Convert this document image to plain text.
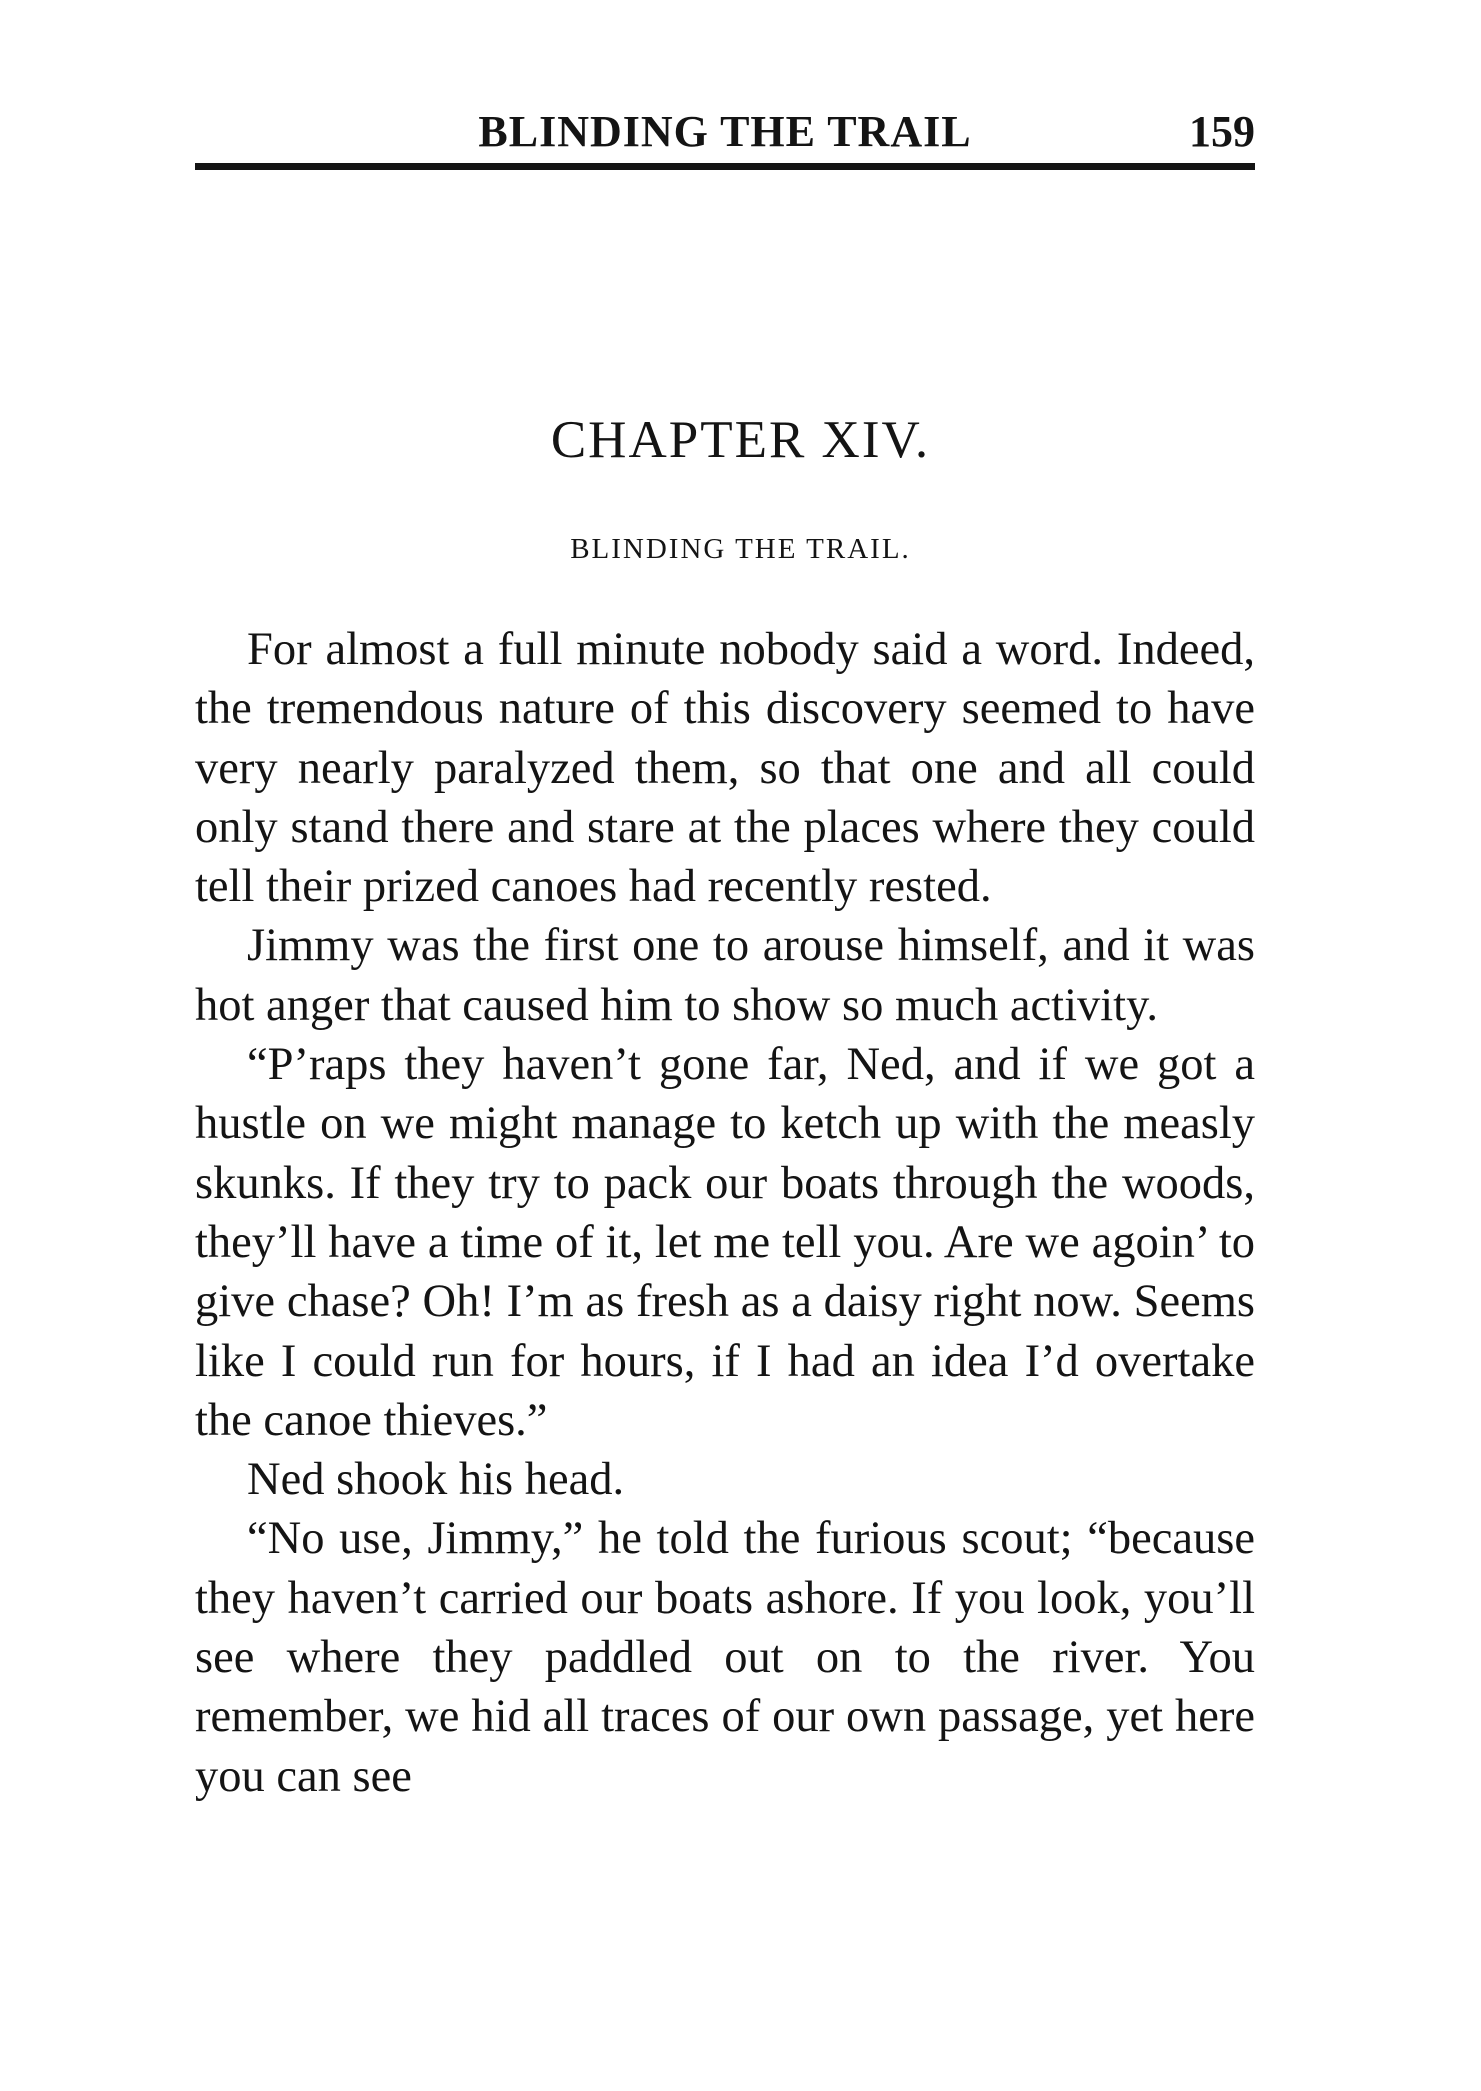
BLINDING THE TRAIL	159
CHAPTER XIV.
BLINDING THE TRAIL.

For almost a full minute nobody said a word. Indeed, the tremendous nature of this discovery seemed to have very nearly paralyzed them, so that one and all could only stand there and stare at the places where they could tell their prized canoes had recently rested.

Jimmy was the first one to arouse himself, and it was hot anger that caused him to show so much activity.

“P’raps they haven’t gone far, Ned, and if we got a hustle on we might manage to ketch up with the measly skunks. If they try to pack our boats through the woods, they’ll have a time of it, let me tell you. Are we agoin’ to give chase? Oh! I’m as fresh as a daisy right now. Seems like I could run for hours, if I had an idea I’d overtake the canoe thieves.”

Ned shook his head.

“No use, Jimmy,” he told the furious scout; “because they haven’t carried our boats ashore. If you look, you’ll see where they paddled out on to the river. You remember, we hid all traces of our own passage, yet here you can see
